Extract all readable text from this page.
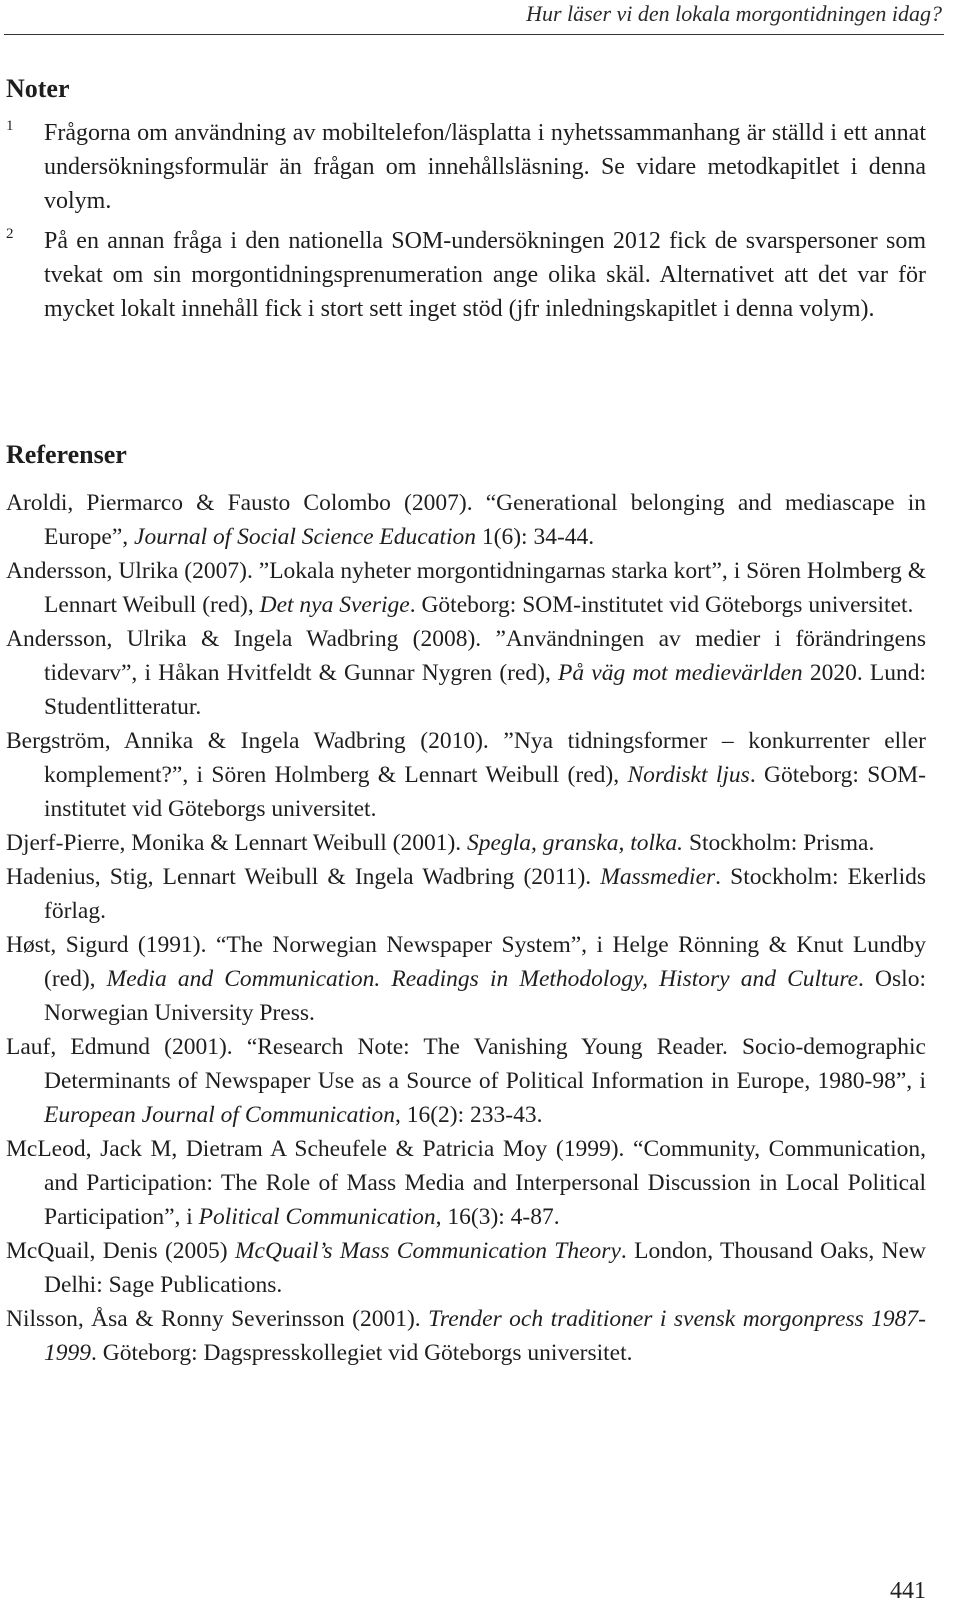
Hur läser vi den lokala morgontidningen idag?
Noter
1 Frågorna om användning av mobiltelefon/läsplatta i nyhetssammanhang är ställd i ett annat undersökningsformulär än frågan om innehållsläsning. Se vidare metodkapitlet i denna volym.
2 På en annan fråga i den nationella SOM-undersökningen 2012 fick de svarspersoner som tvekat om sin morgontidningsprenumeration ange olika skäl. Alternativet att det var för mycket lokalt innehåll fick i stort sett inget stöd (jfr inledningskapitlet i denna volym).
Referenser

Aroldi, Piermarco & Fausto Colombo (2007). “Generational belonging and mediascape in Europe”, Journal of Social Science Education 1(6): 34-44.

Andersson, Ulrika (2007). ”Lokala nyheter morgontidningarnas starka kort”, i Sören Holmberg & Lennart Weibull (red), Det nya Sverige. Göteborg: SOM-institutet vid Göteborgs universitet.

Andersson, Ulrika & Ingela Wadbring (2008). ”Användningen av medier i förändringens tidevarv”, i Håkan Hvitfeldt & Gunnar Nygren (red), På väg mot medievärlden 2020. Lund: Studentlitteratur.

Bergström, Annika & Ingela Wadbring (2010). ”Nya tidningsformer – konkurrenter eller komplement?”, i Sören Holmberg & Lennart Weibull (red), Nordiskt ljus. Göteborg: SOM-institutet vid Göteborgs universitet.

Djerf-Pierre, Monika & Lennart Weibull (2001). Spegla, granska, tolka. Stockholm: Prisma.

Hadenius, Stig, Lennart Weibull & Ingela Wadbring (2011). Massmedier. Stockholm: Ekerlids förlag.

Høst, Sigurd (1991). “The Norwegian Newspaper System”, i Helge Rönning & Knut Lundby (red), Media and Communication. Readings in Methodology, History and Culture. Oslo: Norwegian University Press.

Lauf, Edmund (2001). “Research Note: The Vanishing Young Reader. Socio-demographic Determinants of Newspaper Use as a Source of Political Information in Europe, 1980-98”, i European Journal of Communication, 16(2): 233-43.

McLeod, Jack M, Dietram A Scheufele & Patricia Moy (1999). “Community, Communication, and Participation: The Role of Mass Media and Interpersonal Discussion in Local Political Participation”, i Political Communication, 16(3): 4-87.

McQuail, Denis (2005) McQuail’s Mass Communication Theory. London, Thousand Oaks, New Delhi: Sage Publications.

Nilsson, Åsa & Ronny Severinsson (2001). Trender och traditioner i svensk morgonpress 1987-1999. Göteborg: Dagspresskollegiet vid Göteborgs universitet.

441
